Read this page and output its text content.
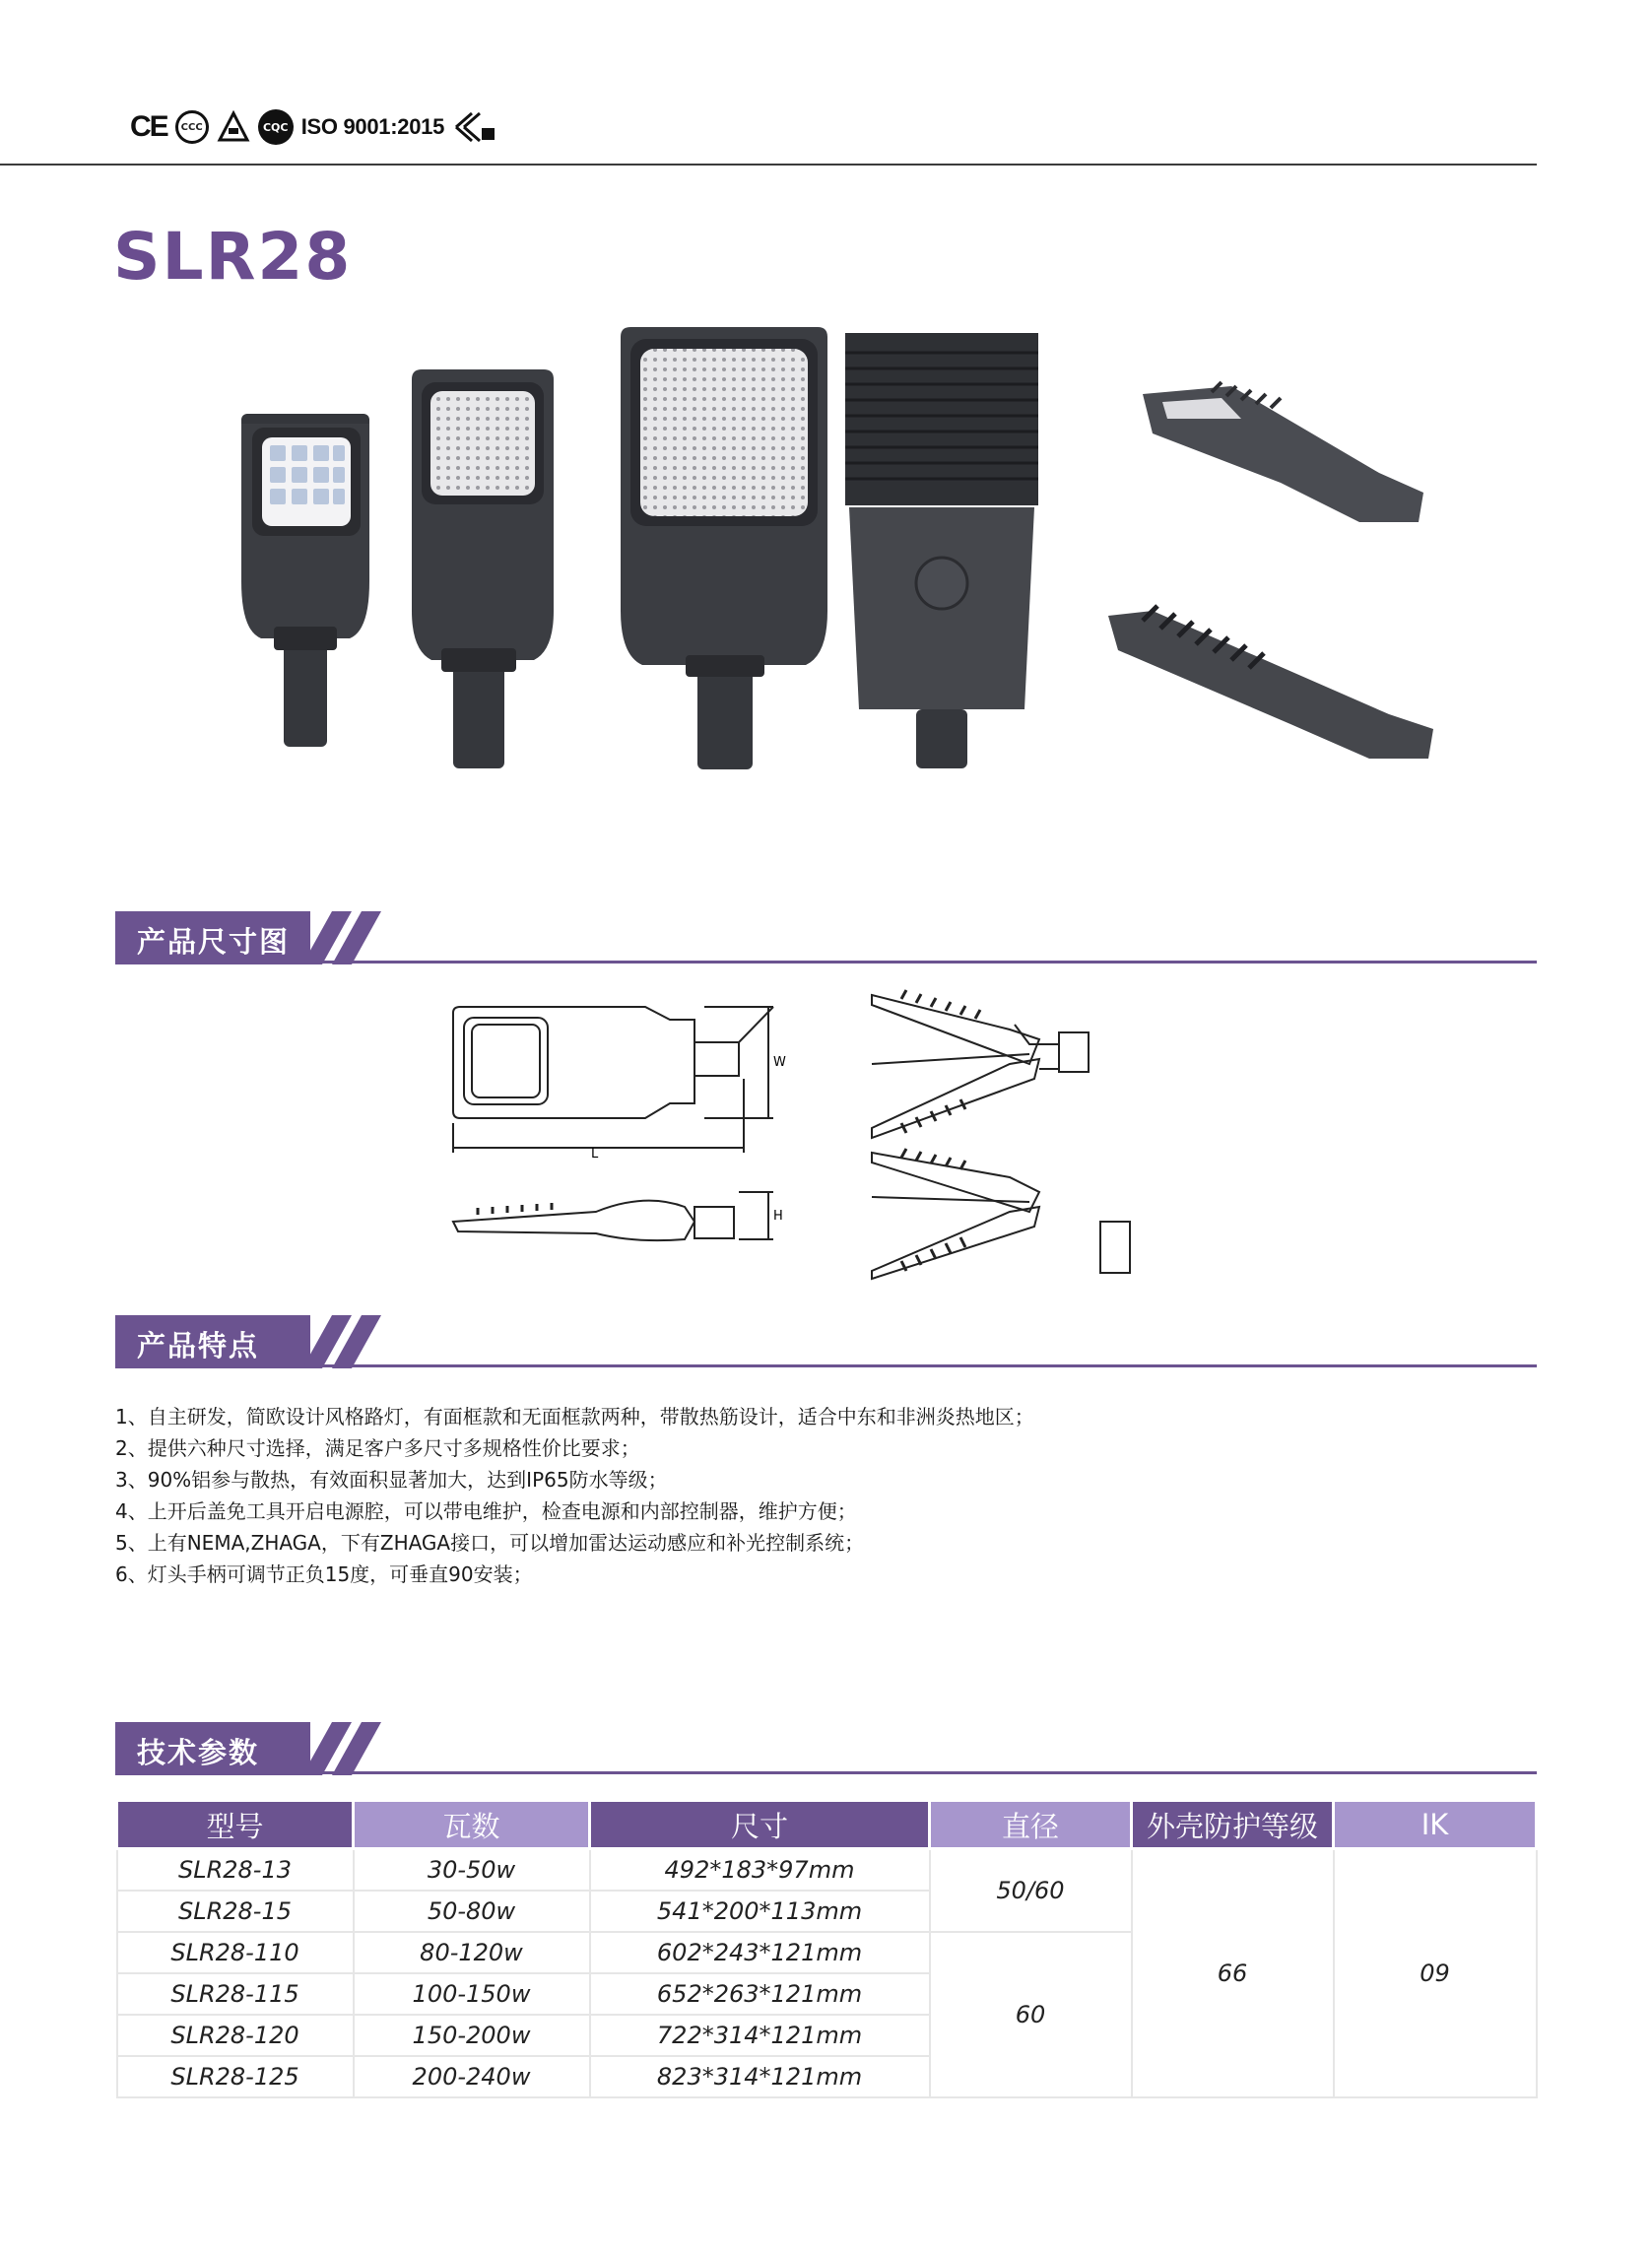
CE CCC	CQC ISO 9001:2015
SLR28
产品尺寸图
L
W
H
产品特点
1、自主研发，简欧设计风格路灯，有面框款和无面框款两种，带散热筋设计，适合中东和非洲炎热地区；
2、提供六种尺寸选择，满足客户多尺寸多规格性价比要求；
3、90%铝参与散热，有效面积显著加大，达到IP65防水等级；
4、上开后盖免工具开启电源腔，可以带电维护，检查电源和内部控制器，维护方便；
5、上有NEMA,ZHAGA，下有ZHAGA接口，可以增加雷达运动感应和补光控制系统；
6、灯头手柄可调节正负15度，可垂直90安装；
技术参数
型号	瓦数	尺寸	直径	外壳防护等级	IK
SLR28-13	30-50w	492*183*97mm	50/60	66	09
SLR28-15	50-80w	541*200*113mm			
SLR28-110	80-120w	602*243*121mm	60		
SLR28-115	100-150w	652*263*121mm			
SLR28-120	150-200w	722*314*121mm			
SLR28-125	200-240w	823*314*121mm			
